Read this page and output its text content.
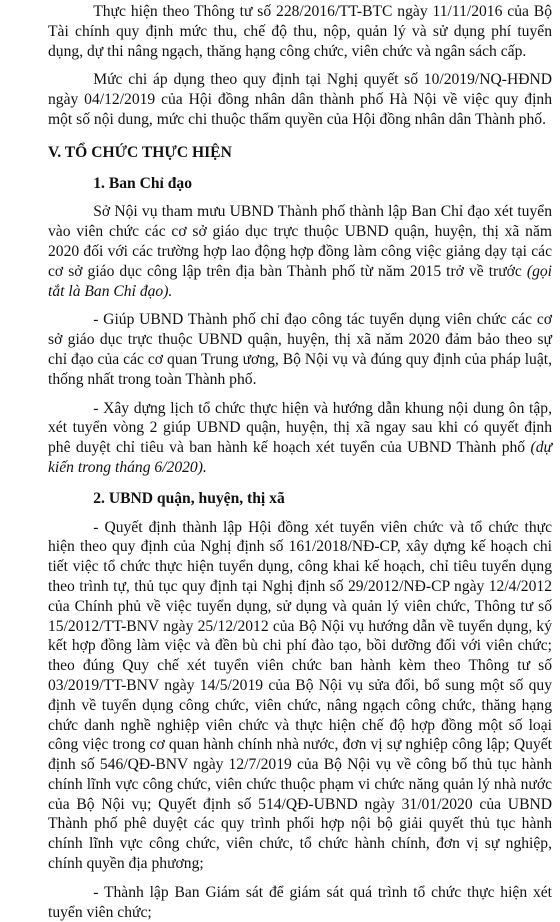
Thực hiện theo Thông tư số 228/2016/TT-BTC ngày 11/11/2016 của Bộ Tài chính quy định mức thu, chế độ thu, nộp, quản lý và sử dụng phí tuyển dụng, dự thi nâng ngạch, thăng hạng công chức, viên chức và ngân sách cấp.

Mức chi áp dụng theo quy định tại Nghị quyết số 10/2019/NQ-HĐND ngày 04/12/2019 của Hội đồng nhân dân thành phố Hà Nội về việc quy định một số nội dung, mức chi thuộc thẩm quyền của Hội đồng nhân dân Thành phố.

V. TỔ CHỨC THỰC HIỆN
1. Ban Chỉ đạo

Sở Nội vụ tham mưu UBND Thành phố thành lập Ban Chỉ đạo xét tuyển vào viên chức các cơ sở giáo dục trực thuộc UBND quận, huyện, thị xã năm 2020 đối với các trường hợp lao động hợp đồng làm công việc giảng dạy tại các cơ sở giáo dục công lập trên địa bàn Thành phố từ năm 2015 trở về trước (gọi tắt là Ban Chỉ đạo).

- Giúp UBND Thành phố chỉ đạo công tác tuyển dụng viên chức các cơ sở giáo dục trực thuộc UBND quận, huyện, thị xã năm 2020 đảm bảo theo sự chỉ đạo của các cơ quan Trung ương, Bộ Nội vụ và đúng quy định của pháp luật, thống nhất trong toàn Thành phố.

- Xây dựng lịch tổ chức thực hiện và hướng dẫn khung nội dung ôn tập, xét tuyển vòng 2 giúp UBND quận, huyện, thị xã ngay sau khi có quyết định phê duyệt chỉ tiêu và ban hành kế hoạch xét tuyển của UBND Thành phố (dự kiến trong tháng 6/2020).

2. UBND quận, huyện, thị xã

- Quyết định thành lập Hội đồng xét tuyển viên chức và tổ chức thực hiện theo quy định của Nghị định số 161/2018/NĐ-CP, xây dựng kế hoạch chi tiết việc tổ chức thực hiện tuyển dụng, công khai kế hoạch, chỉ tiêu tuyển dụng theo trình tự, thủ tục quy định tại Nghị định số 29/2012/NĐ-CP ngày 12/4/2012 của Chính phủ về việc tuyển dụng, sử dụng và quản lý viên chức, Thông tư số 15/2012/TT-BNV ngày 25/12/2012 của Bộ Nội vụ hướng dẫn về tuyển dụng, ký kết hợp đồng làm việc và đền bù chi phí đào tạo, bồi dưỡng đối với viên chức; theo đúng Quy chế xét tuyển viên chức ban hành kèm theo Thông tư số 03/2019/TT-BNV ngày 14/5/2019 của Bộ Nội vụ sửa đổi, bổ sung một số quy định về tuyển dụng công chức, viên chức, nâng ngạch công chức, thăng hạng chức danh nghề nghiệp viên chức và thực hiện chế độ hợp đồng một số loại công việc trong cơ quan hành chính nhà nước, đơn vị sự nghiệp công lập; Quyết định số 546/QĐ-BNV ngày 12/7/2019 của Bộ Nội vụ về công bố thủ tục hành chính lĩnh vực công chức, viên chức thuộc phạm vi chức năng quản lý nhà nước của Bộ Nội vụ; Quyết định số 514/QĐ-UBND ngày 31/01/2020 của UBND Thành phố phê duyệt các quy trình phối hợp nội bộ giải quyết thủ tục hành chính lĩnh vực công chức, viên chức, tổ chức hành chính, đơn vị sự nghiệp, chính quyền địa phương;

- Thành lập Ban Giám sát để giám sát quá trình tổ chức thực hiện xét tuyển viên chức;
